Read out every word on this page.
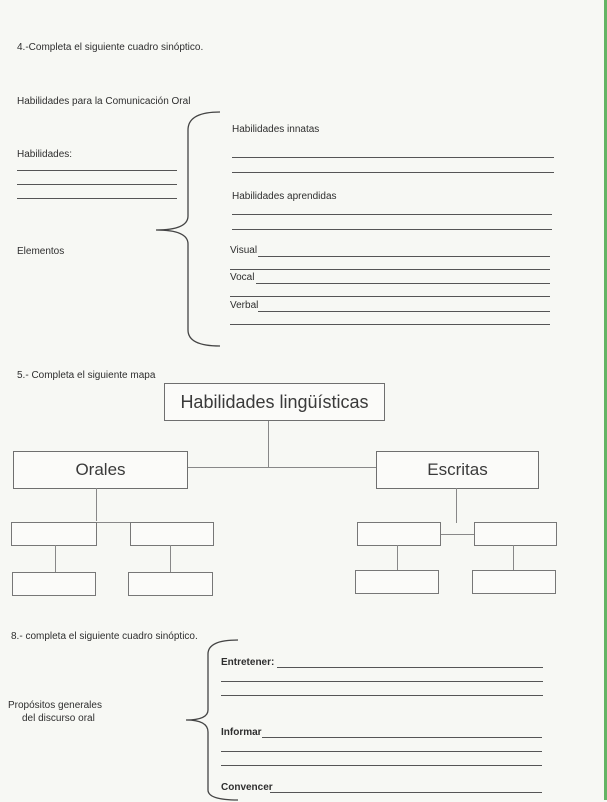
4.-Completa el siguiente cuadro sinóptico.
Habilidades para la Comunicación Oral
Habilidades:
Elementos
Habilidades innatas
Habilidades aprendidas
Visual
Vocal
Verbal
5.- Completa el siguiente mapa
Habilidades lingüísticas
Orales	Escritas
8.- completa el siguiente cuadro sinóptico.
Propósitos generales
del discurso oral
Entretener:
Informar
Convencer
